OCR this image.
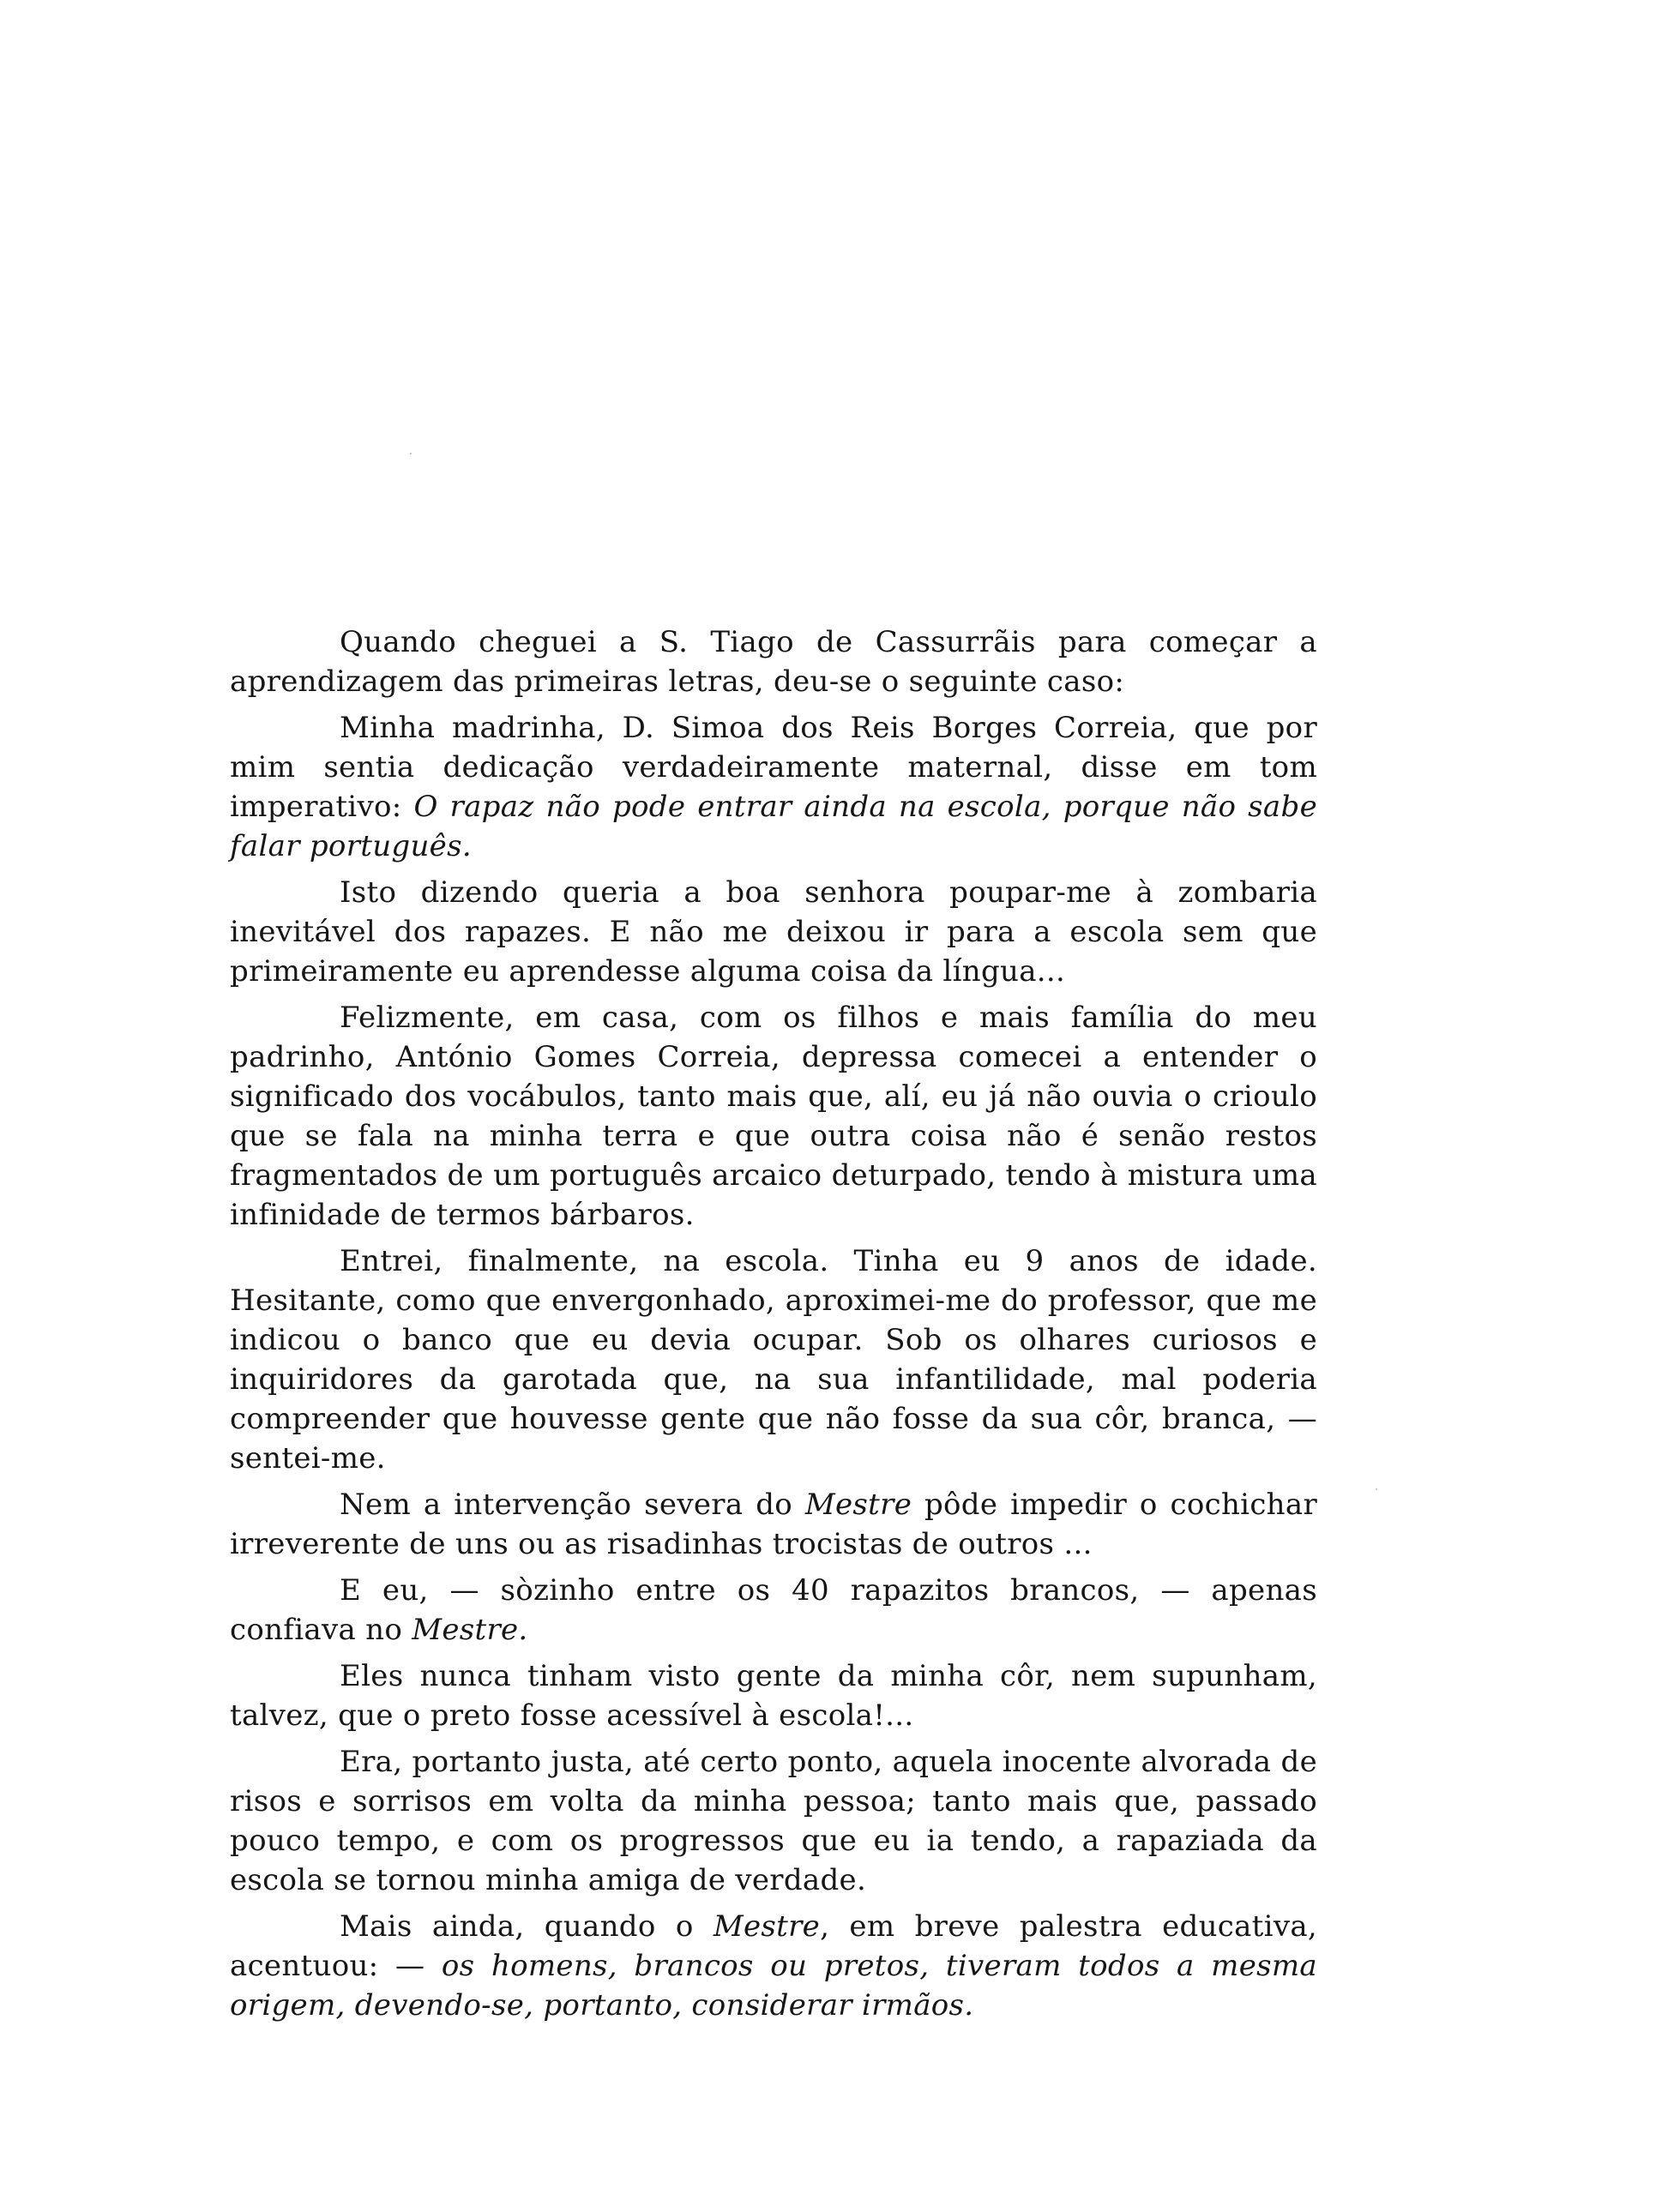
Quando cheguei a S. Tiago de Cassurrãis para começar a aprendizagem das primeiras letras, deu-se o seguinte caso:

Minha madrinha, D. Simoa dos Reis Borges Correia, que por mim sentia dedicação verdadeiramente maternal, disse em tom imperativo: O rapaz não pode entrar ainda na escola, porque não sabe falar português.

Isto dizendo queria a boa senhora poupar-me à zombaria inevitável dos rapazes. E não me deixou ir para a escola sem que primeiramente eu aprendesse alguma coisa da língua...

Felizmente, em casa, com os filhos e mais família do meu padrinho, António Gomes Correia, depressa comecei a entender o significado dos vocábulos, tanto mais que, alí, eu já não ouvia o crioulo que se fala na minha terra e que outra coisa não é senão restos fragmentados de um português arcaico deturpado, tendo à mistura uma infinidade de termos bárbaros.

Entrei, finalmente, na escola. Tinha eu 9 anos de idade. Hesitante, como que envergonhado, aproximei-me do professor, que me indicou o banco que eu devia ocupar. Sob os olhares curiosos e inquiridores da garotada que, na sua infantilidade, mal poderia compreender que houvesse gente que não fosse da sua côr, branca, — sentei-me.

Nem a intervenção severa do Mestre pôde impedir o cochichar irreverente de uns ou as risadinhas trocistas de outros ...

E eu, — sòzinho entre os 40 rapazitos brancos, — apenas confiava no Mestre.

Eles nunca tinham visto gente da minha côr, nem supunham, talvez, que o preto fosse acessível à escola!...

Era, portanto justa, até certo ponto, aquela inocente alvorada de risos e sorrisos em volta da minha pessoa; tanto mais que, passado pouco tempo, e com os progressos que eu ia tendo, a rapaziada da escola se tornou minha amiga de verdade.

Mais ainda, quando o Mestre, em breve palestra educativa, acentuou: — os homens, brancos ou pretos, tiveram todos a mesma origem, devendo-se, portanto, considerar irmãos.
